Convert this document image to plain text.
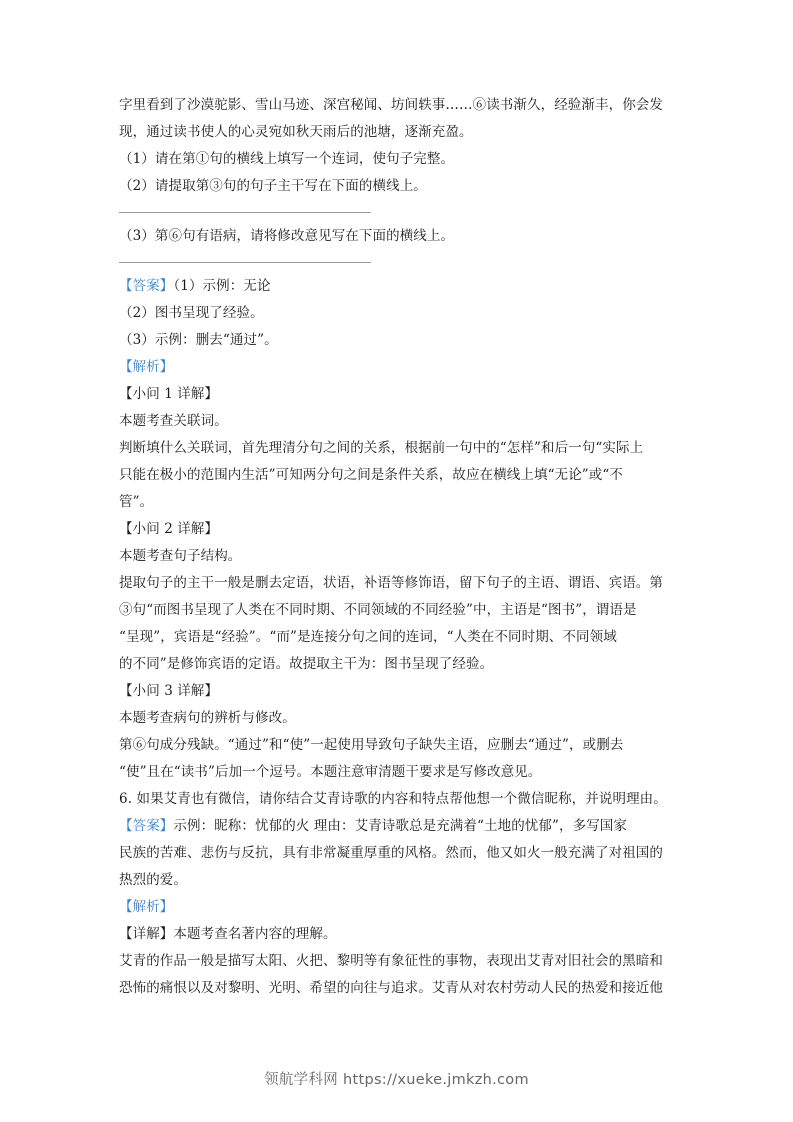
字里看到了沙漠驼影、雪山马迹、深宫秘闻、坊间轶事……⑥读书渐久，经验渐丰，你会发
现，通过读书使人的心灵宛如秋天雨后的池塘，逐渐充盈。
（1）请在第①句的横线上填写一个连词，使句子完整。
（2）请提取第③句的句子主干写在下面的横线上。
（3）第⑥句有语病，请将修改意见写在下面的横线上。
【答案】（1）示例：无论
（2）图书呈现了经验。
（3）示例：删去“通过”。
【解析】
【小问 1 详解】
本题考查关联词。
判断填什么关联词，首先理清分句之间的关系，根据前一句中的“怎样”和后一句“实际上
只能在极小的范围内生活”可知两分句之间是条件关系，故应在横线上填“无论”或“不
管”。
【小问 2 详解】
本题考查句子结构。
提取句子的主干一般是删去定语，状语，补语等修饰语，留下句子的主语、谓语、宾语。第
③句“而图书呈现了人类在不同时期、不同领域的不同经验”中，主语是“图书”，谓语是
“呈现”，宾语是“经验”。“而”是连接分句之间的连词，“人类在不同时期、不同领域
的不同”是修饰宾语的定语。故提取主干为：图书呈现了经验。
【小问 3 详解】
本题考查病句的辨析与修改。
第⑥句成分残缺。“通过”和“使”一起使用导致句子缺失主语，应删去“通过”，或删去
“使”且在“读书”后加一个逗号。本题注意审清题干要求是写修改意见。
6. 如果艾青也有微信，请你结合艾青诗歌的内容和特点帮他想一个微信昵称，并说明理由。
【答案】示例：昵称：忧郁的火 理由：艾青诗歌总是充满着“土地的忧郁”，多写国家
民族的苦难、悲伤与反抗，具有非常凝重厚重的风格。然而，他又如火一般充满了对祖国的
热烈的爱。
【解析】
【详解】本题考查名著内容的理解。
艾青的作品一般是描写太阳、火把、黎明等有象征性的事物，表现出艾青对旧社会的黑暗和
恐怖的痛恨以及对黎明、光明、希望的向往与追求。艾青从对农村劳动人民的热爱和接近他
领航学科网 https://xueke.jmkzh.com
